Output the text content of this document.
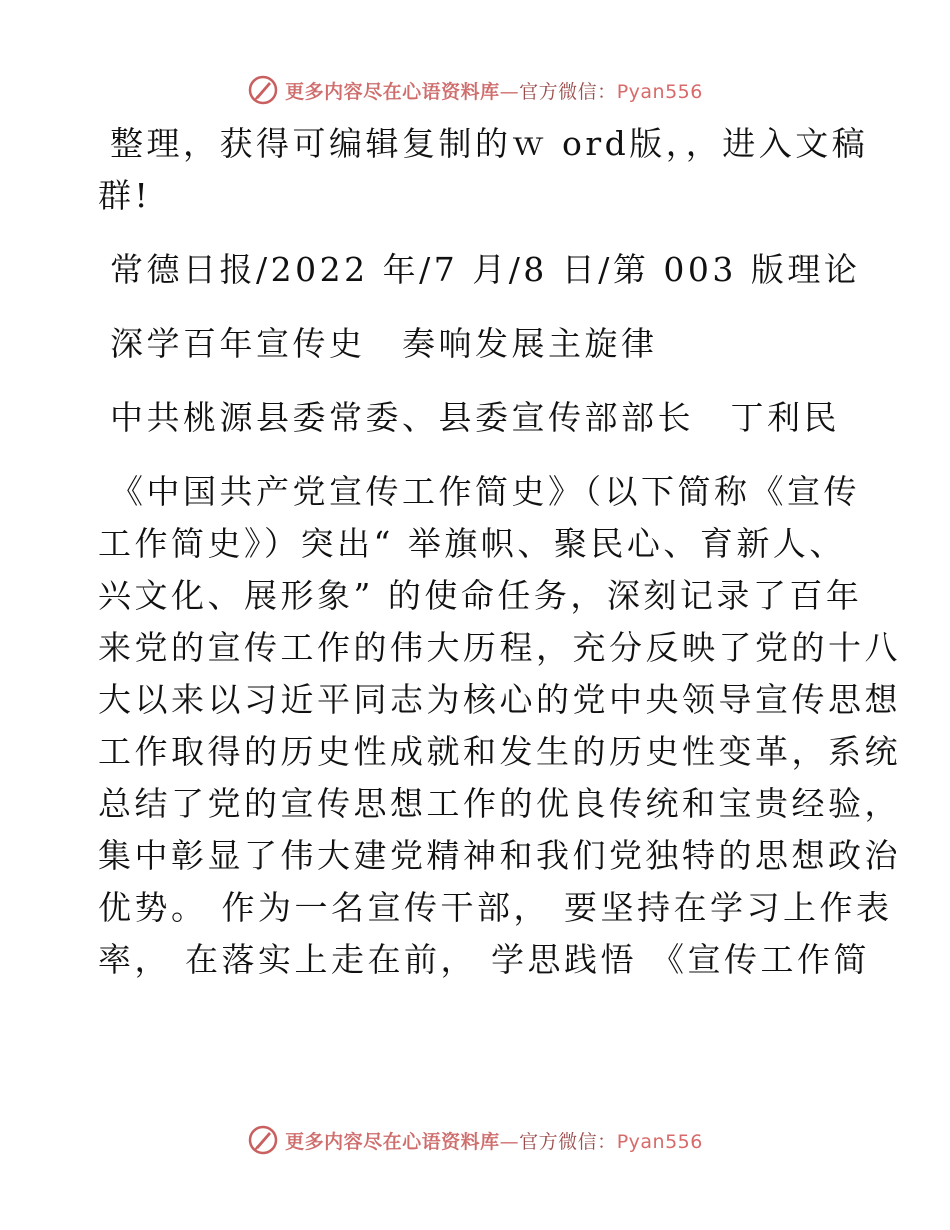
更多内容尽在心语资料库—官方微信：Pyan556

整理，获得可编辑复制的ｗ ord版，，进入文稿

群!

常德日报/2022 年/7 月/8 日/第 003 版理论

深学百年宣传史　奏响发展主旋律

中共桃源县委常委、县委宣传部部长　丁利民

《中国共产党宣传工作简史》（以下简称《宣传

工作简史》）突出“ 举旗帜、聚民心、育新人、

兴文化、展形象” 的使命任务，深刻记录了百年

来党的宣传工作的伟大历程，充分反映了党的十八

大以来以习近平同志为核心的党中央领导宣传思想

工作取得的历史性成就和发生的历史性变革，系统

总结了党的宣传思想工作的优良传统和宝贵经验，

集中彰显了伟大建党精神和我们党独特的思想政治

优势。 作为一名宣传干部， 要坚持在学习上作表

率， 在落实上走在前， 学思践悟 《宣传工作简

更多内容尽在心语资料库—官方微信：Pyan556
